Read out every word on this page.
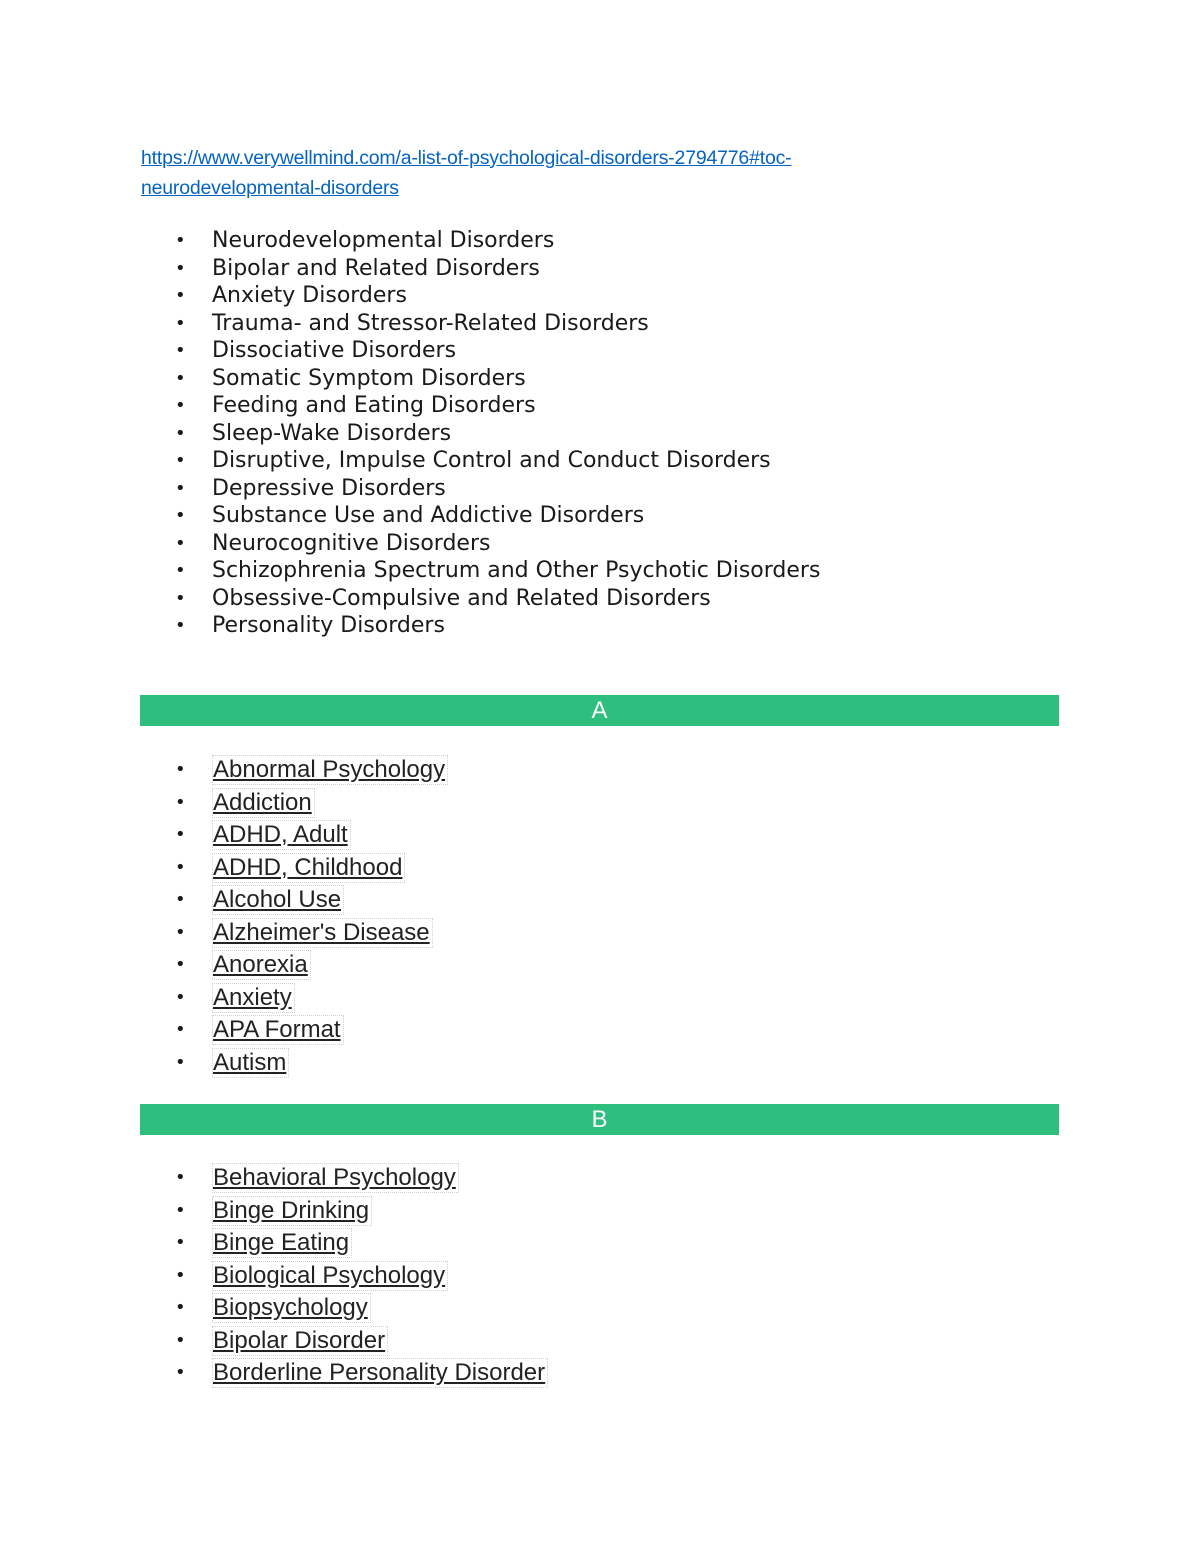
https://www.verywellmind.com/a-list-of-psychological-disorders-2794776#toc-
neurodevelopmental-disorders
• Neurodevelopmental Disorders
• Bipolar and Related Disorders
• Anxiety Disorders
• Trauma- and Stressor-Related Disorders
• Dissociative Disorders
• Somatic Symptom Disorders
• Feeding and Eating Disorders
• Sleep-Wake Disorders
• Disruptive, Impulse Control and Conduct Disorders
• Depressive Disorders
• Substance Use and Addictive Disorders
• Neurocognitive Disorders
• Schizophrenia Spectrum and Other Psychotic Disorders
• Obsessive-Compulsive and Related Disorders
• Personality Disorders
A
• Abnormal Psychology
• Addiction
• ADHD, Adult
• ADHD, Childhood
• Alcohol Use
• Alzheimer's Disease
• Anorexia
• Anxiety
• APA Format
• Autism
B
• Behavioral Psychology
• Binge Drinking
• Binge Eating
• Biological Psychology
• Biopsychology
• Bipolar Disorder
• Borderline Personality Disorder
